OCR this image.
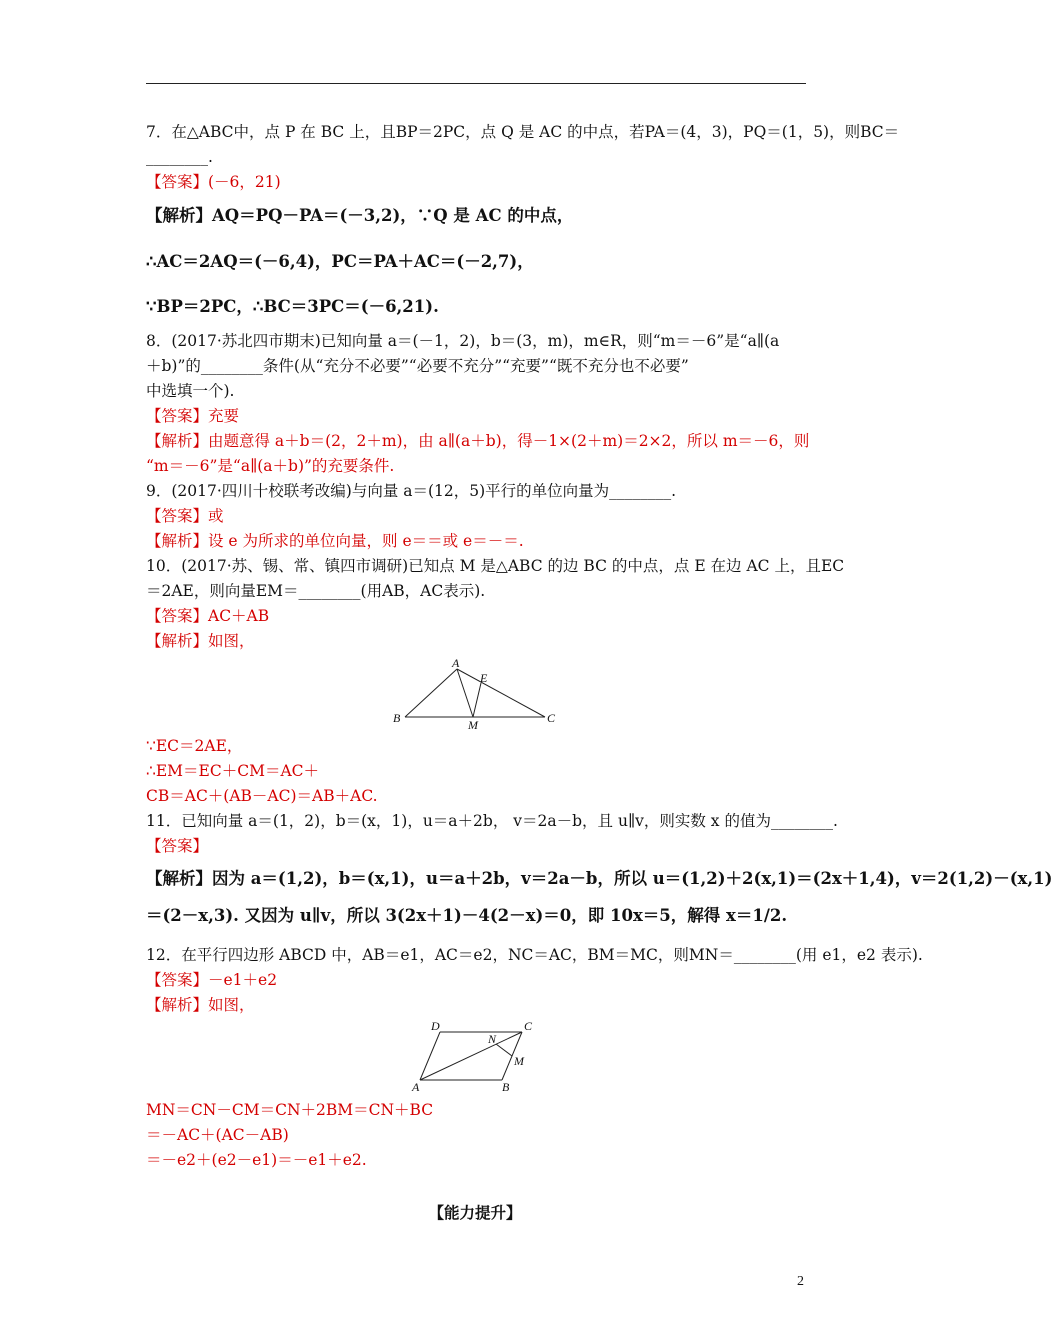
7．在△ABC中，点 P 在 BC 上，且BP＝2PC，点 Q 是 AC 的中点，若PA＝(4，3)，PQ＝(1，5)，则BC＝
________.
【答案】(－6，21)
【解析】AQ＝PQ－PA＝(－3,2)，∵Q 是 AC 的中点，
∴AC＝2AQ＝(－6,4)，PC＝PA＋AC＝(－2,7)，
∵BP＝2PC，∴BC＝3PC＝(－6,21).
8．(2017·苏北四市期末)已知向量 a＝(－1，2)，b＝(3，m)，m∈R，则“m＝－6”是“a∥(a
＋b)”的________条件(从“充分不必要”“必要不充分”“充要”“既不充分也不必要”
中选填一个).
【答案】充要
【解析】由题意得 a＋b＝(2，2＋m)，由 a∥(a＋b)，得－1×(2＋m)＝2×2，所以 m＝－6，则
“m＝－6”是“a∥(a＋b)”的充要条件.
9．(2017·四川十校联考改编)与向量 a＝(12，5)平行的单位向量为________.
【答案】或
【解析】设 e 为所求的单位向量，则 e＝＝或 e＝－＝.
10．(2017·苏、锡、常、镇四市调研)已知点 M 是△ABC 的边 BC 的中点，点 E 在边 AC 上，且EC
＝2AE，则向量EM＝________(用AB，AC表示).
【答案】AC＋AB
【解析】如图，
∵EC＝2AE，
∴EM＝EC＋CM＝AC＋
CB＝AC＋(AB－AC)＝AB＋AC.
11．已知向量 a＝(1，2)，b＝(x，1)，u＝a＋2b， v＝2a－b，且 u∥v，则实数 x 的值为________.
【答案】
【解析】因为 a＝(1,2)，b＝(x,1)，u＝a＋2b，v＝2a－b，所以 u＝(1,2)＋2(x,1)＝(2x＋1,4)，v＝2(1,2)－(x,1)
＝(2－x,3). 又因为 u∥v，所以 3(2x＋1)－4(2－x)＝0，即 10x＝5，解得 x＝1/2.
12．在平行四边形 ABCD 中，AB＝e1，AC＝e2，NC＝AC，BM＝MC，则MN＝________(用 e1，e2 表示).
【答案】－e1＋e2
【解析】如图，
MN＝CN－CM＝CN＋2BM＝CN＋BC
＝－AC＋(AC－AB)
＝－e2＋(e2－e1)＝－e1＋e2.
A
B	C
E
M
D	C
A	B
N
M
【能力提升】
2
